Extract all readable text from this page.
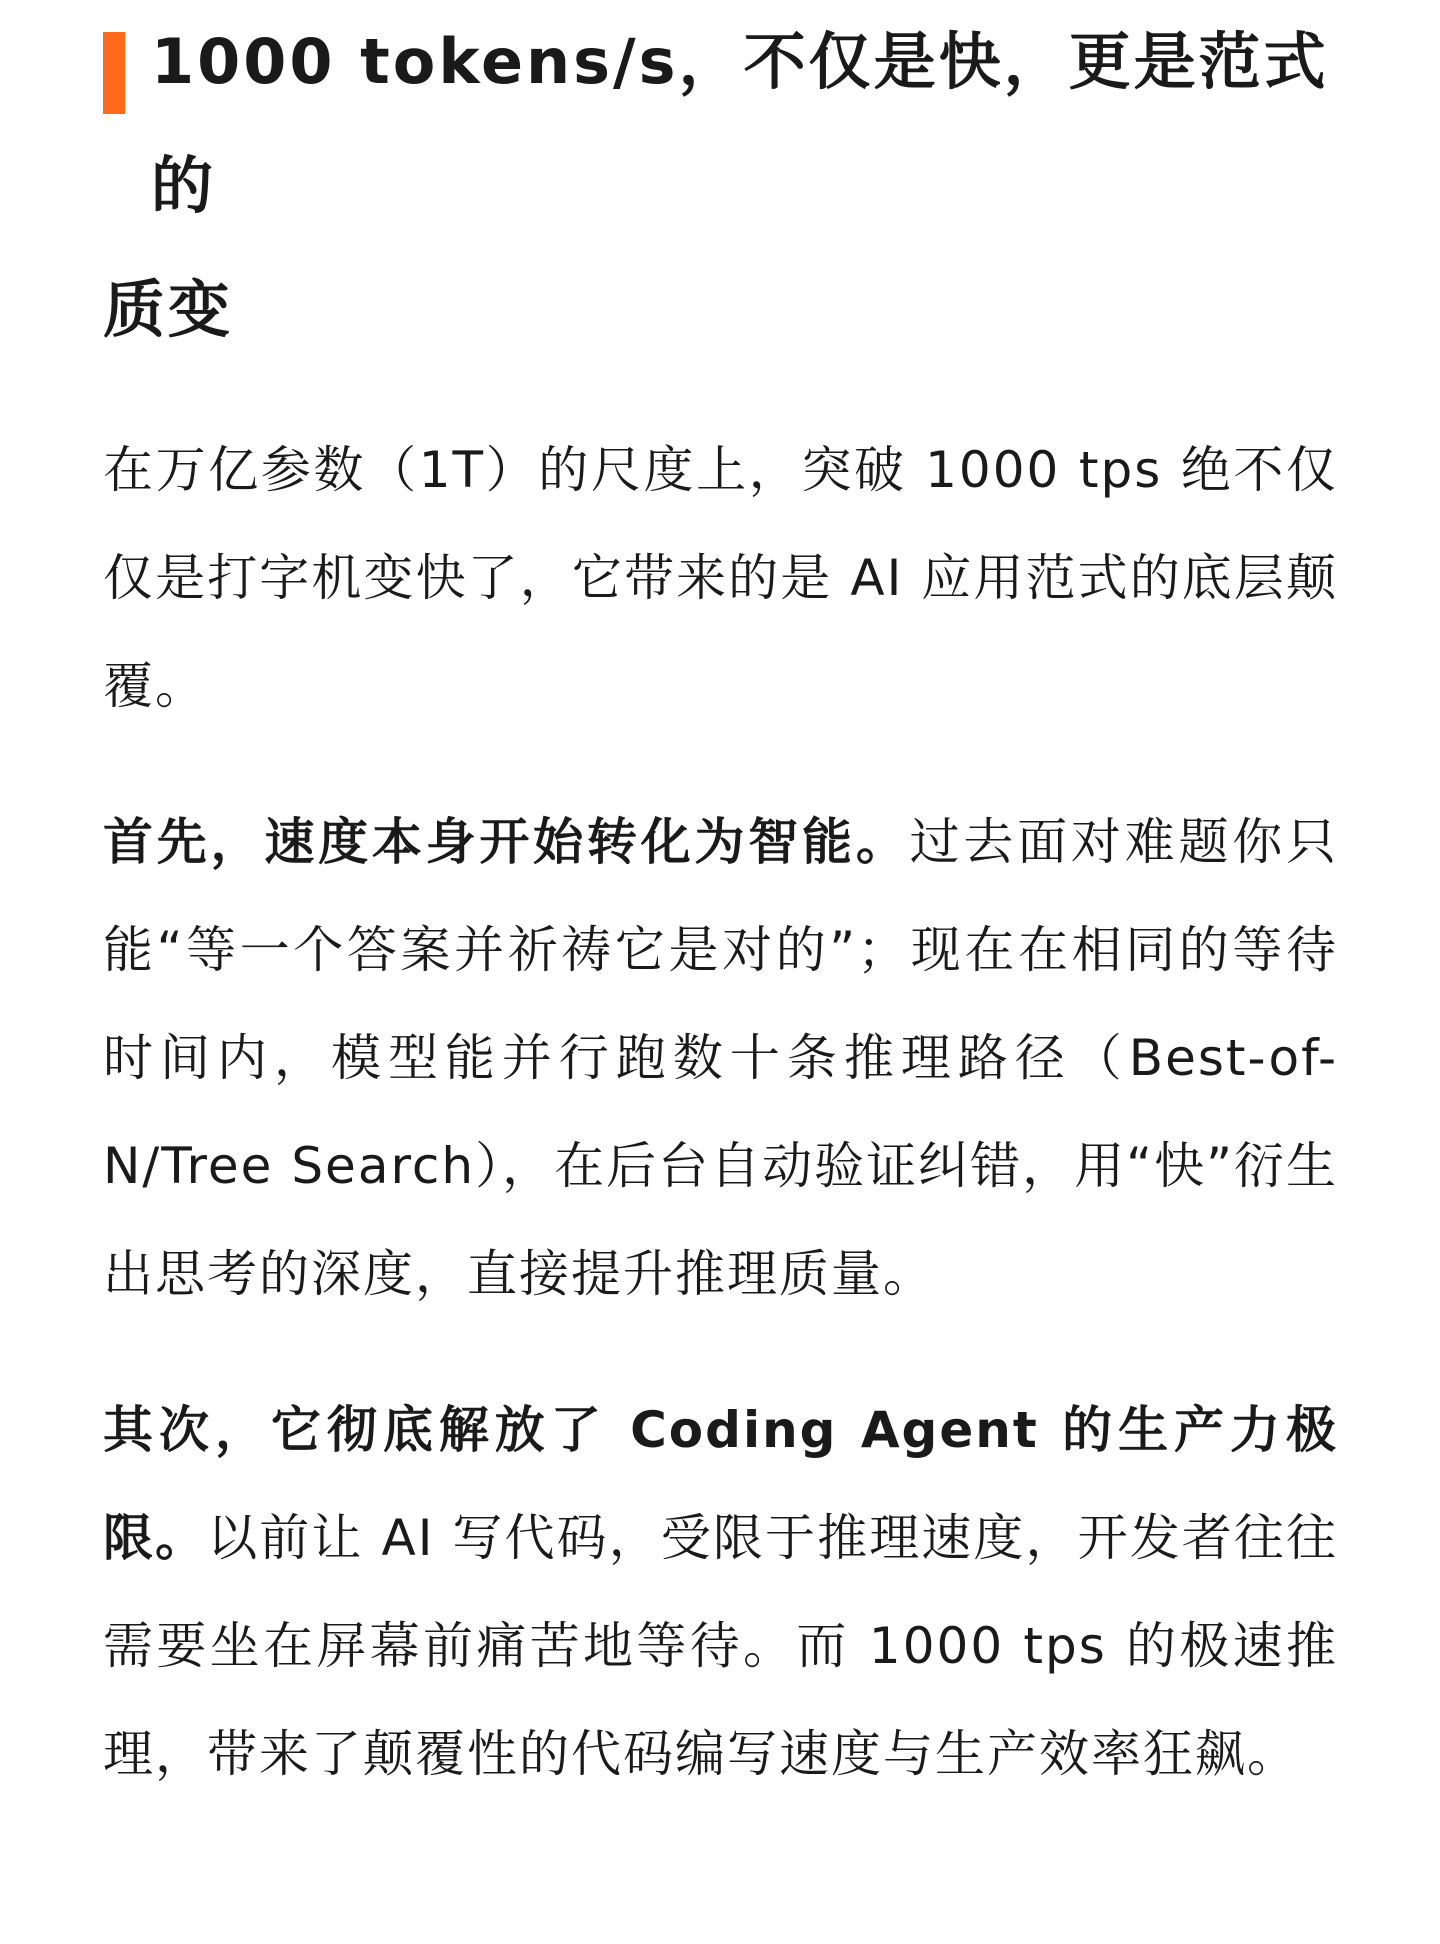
1000 tokens/s，不仅是快，更是范式的
质变

在万亿参数（1T）的尺度上，突破 1000 tps 绝不仅仅是打字机变快了，它带来的是 AI 应用范式的底层颠覆。

首先，速度本身开始转化为智能。过去面对难题你只能“等一个答案并祈祷它是对的”；现在在相同的等待时间内，模型能并行跑数十条推理路径（Best-of-N/Tree Search），在后台自动验证纠错，用“快”衍生出思考的深度，直接提升推理质量。

其次，它彻底解放了 Coding Agent 的生产力极限。以前让 AI 写代码，受限于推理速度，开发者往往需要坐在屏幕前痛苦地等待。而 1000 tps 的极速推理，带来了颠覆性的代码编写速度与生产效率狂飙。
